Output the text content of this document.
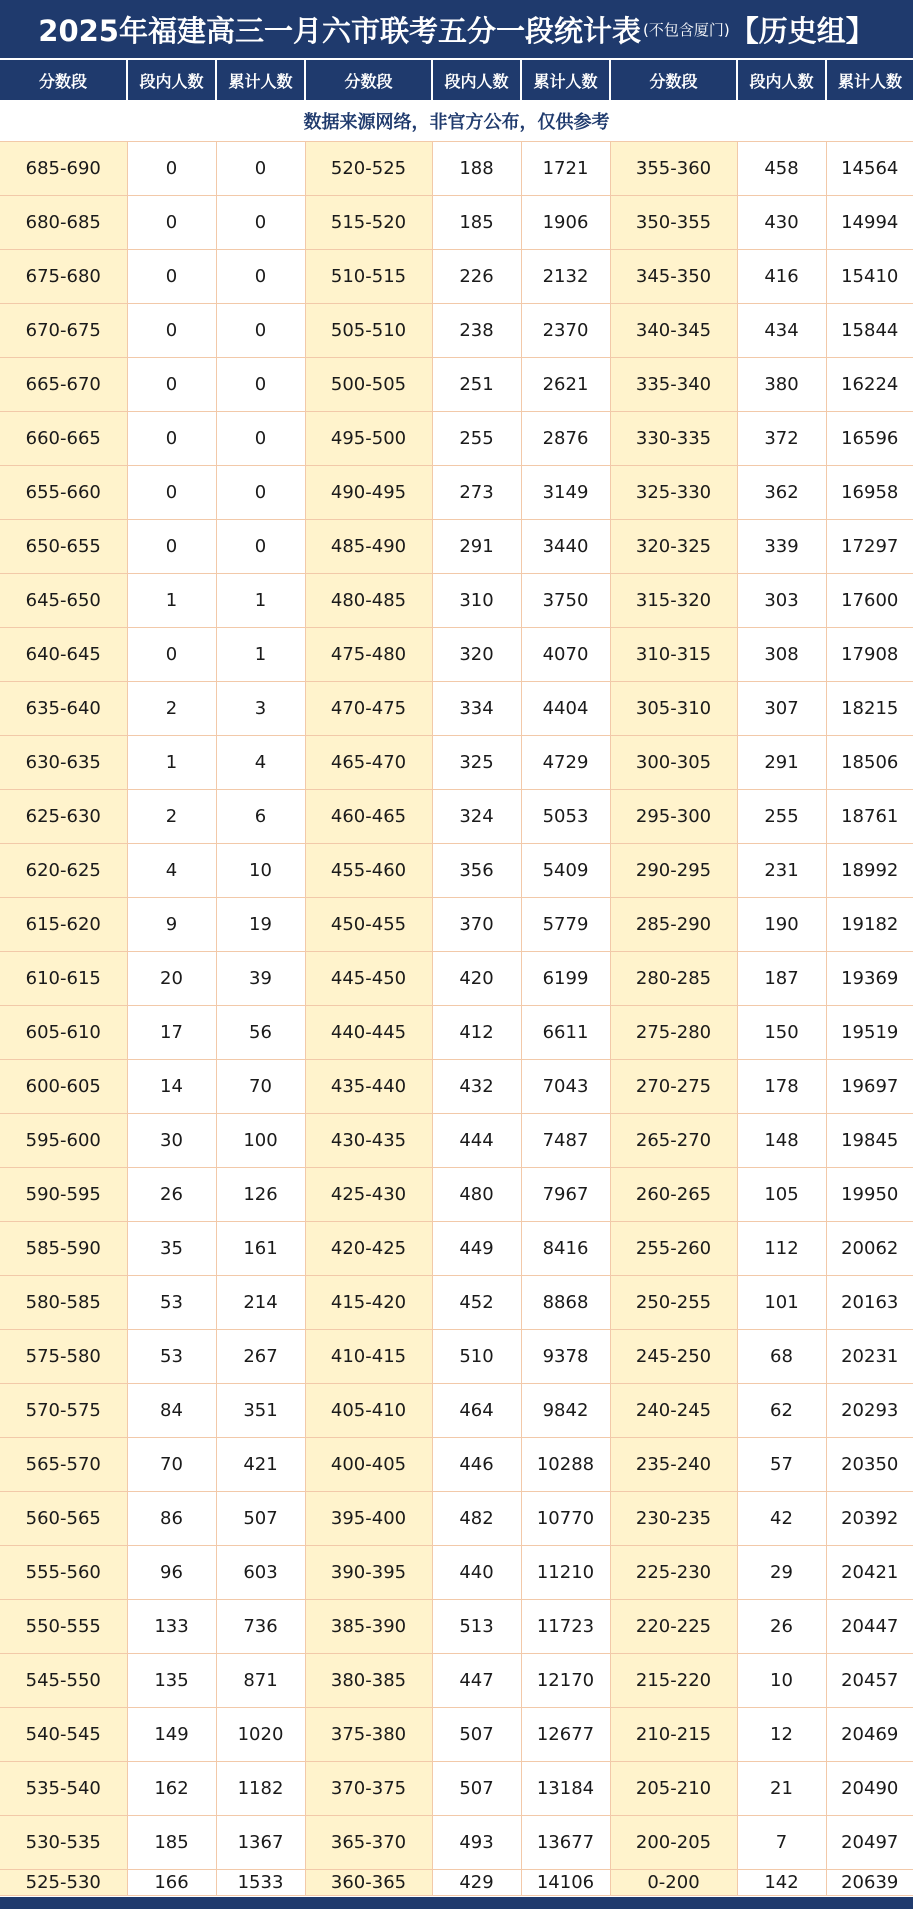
2025年福建高三一月六市联考五分一段统计表 (不包含厦门) 【历史组】
分数段	段内人数	累计人数	分数段	段内人数	累计人数	分数段	段内人数	累计人数
数据来源网络，非官方公布，仅供参考								
685-690	0	0	520-525	188	1721	355-360	458	14564
680-685	0	0	515-520	185	1906	350-355	430	14994
675-680	0	0	510-515	226	2132	345-350	416	15410
670-675	0	0	505-510	238	2370	340-345	434	15844
665-670	0	0	500-505	251	2621	335-340	380	16224
660-665	0	0	495-500	255	2876	330-335	372	16596
655-660	0	0	490-495	273	3149	325-330	362	16958
650-655	0	0	485-490	291	3440	320-325	339	17297
645-650	1	1	480-485	310	3750	315-320	303	17600
640-645	0	1	475-480	320	4070	310-315	308	17908
635-640	2	3	470-475	334	4404	305-310	307	18215
630-635	1	4	465-470	325	4729	300-305	291	18506
625-630	2	6	460-465	324	5053	295-300	255	18761
620-625	4	10	455-460	356	5409	290-295	231	18992
615-620	9	19	450-455	370	5779	285-290	190	19182
610-615	20	39	445-450	420	6199	280-285	187	19369
605-610	17	56	440-445	412	6611	275-280	150	19519
600-605	14	70	435-440	432	7043	270-275	178	19697
595-600	30	100	430-435	444	7487	265-270	148	19845
590-595	26	126	425-430	480	7967	260-265	105	19950
585-590	35	161	420-425	449	8416	255-260	112	20062
580-585	53	214	415-420	452	8868	250-255	101	20163
575-580	53	267	410-415	510	9378	245-250	68	20231
570-575	84	351	405-410	464	9842	240-245	62	20293
565-570	70	421	400-405	446	10288	235-240	57	20350
560-565	86	507	395-400	482	10770	230-235	42	20392
555-560	96	603	390-395	440	11210	225-230	29	20421
550-555	133	736	385-390	513	11723	220-225	26	20447
545-550	135	871	380-385	447	12170	215-220	10	20457
540-545	149	1020	375-380	507	12677	210-215	12	20469
535-540	162	1182	370-375	507	13184	205-210	21	20490
530-535	185	1367	365-370	493	13677	200-205	7	20497
525-530	166	1533	360-365	429	14106	0-200	142	20639
